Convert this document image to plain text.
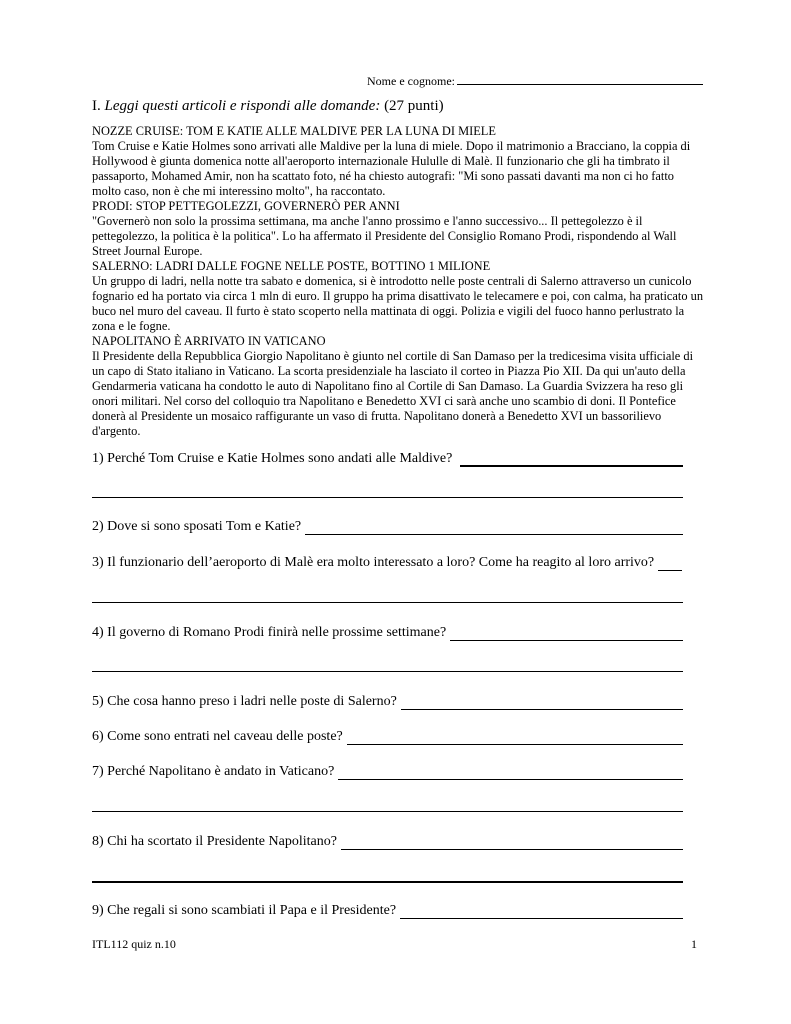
Nome e cognome:
I. Leggi questi articoli e rispondi alle domande: (27 punti)

NOZZE CRUISE: TOM E KATIE ALLE MALDIVE PER LA LUNA DI MIELE

Tom Cruise e Katie Holmes sono arrivati alle Maldive per la luna di miele. Dopo il matrimonio a Bracciano, la coppia di Hollywood è giunta domenica notte all'aeroporto internazionale Hululle di Malè. Il funzionario che gli ha timbrato il passaporto, Mohamed Amir, non ha scattato foto, né ha chiesto autografi: "Mi sono passati davanti ma non ci ho fatto molto caso, non è che mi interessino molto", ha raccontato.

PRODI: STOP PETTEGOLEZZI, GOVERNERÒ PER ANNI

"Governerò non solo la prossima settimana, ma anche l'anno prossimo e l'anno successivo... Il pettegolezzo è il pettegolezzo, la politica è la politica". Lo ha affermato il Presidente del Consiglio Romano Prodi, rispondendo al Wall Street Journal Europe.

SALERNO: LADRI DALLE FOGNE NELLE POSTE, BOTTINO 1 MILIONE

Un gruppo di ladri, nella notte tra sabato e domenica, si è introdotto nelle poste centrali di Salerno attraverso un cunicolo fognario ed ha portato via circa 1 mln di euro. Il gruppo ha prima disattivato le telecamere e poi, con calma, ha praticato un buco nel muro del caveau. Il furto è stato scoperto nella mattinata di oggi. Polizia e vigili del fuoco hanno perlustrato la zona e le fogne.

NAPOLITANO È ARRIVATO IN VATICANO

Il Presidente della Repubblica Giorgio Napolitano è giunto nel cortile di San Damaso per la tredicesima visita ufficiale di un capo di Stato italiano in Vaticano. La scorta presidenziale ha lasciato il corteo in Piazza Pio XII. Da qui un'auto della Gendarmeria vaticana ha condotto le auto di Napolitano fino al Cortile di San Damaso. La Guardia Svizzera ha reso gli onori militari. Nel corso del colloquio tra Napolitano e Benedetto XVI ci sarà anche uno scambio di doni. Il Pontefice donerà al Presidente un mosaico raffigurante un vaso di frutta. Napolitano donerà a Benedetto XVI un bassorilievo d'argento.

1) Perché Tom Cruise e Katie Holmes sono andati alle Maldive?
2) Dove si sono sposati Tom e Katie?
3) Il funzionario dell’aeroporto di Malè era molto interessato a loro? Come ha reagito al loro arrivo?
4) Il governo di Romano Prodi finirà nelle prossime settimane?
5) Che cosa hanno preso i ladri nelle poste di Salerno?
6) Come sono entrati nel caveau delle poste?
7) Perché Napolitano è andato in Vaticano?
8) Chi ha scortato il Presidente Napolitano?
9) Che regali si sono scambiati il Papa e il Presidente?
ITL112 quiz n.10	1
